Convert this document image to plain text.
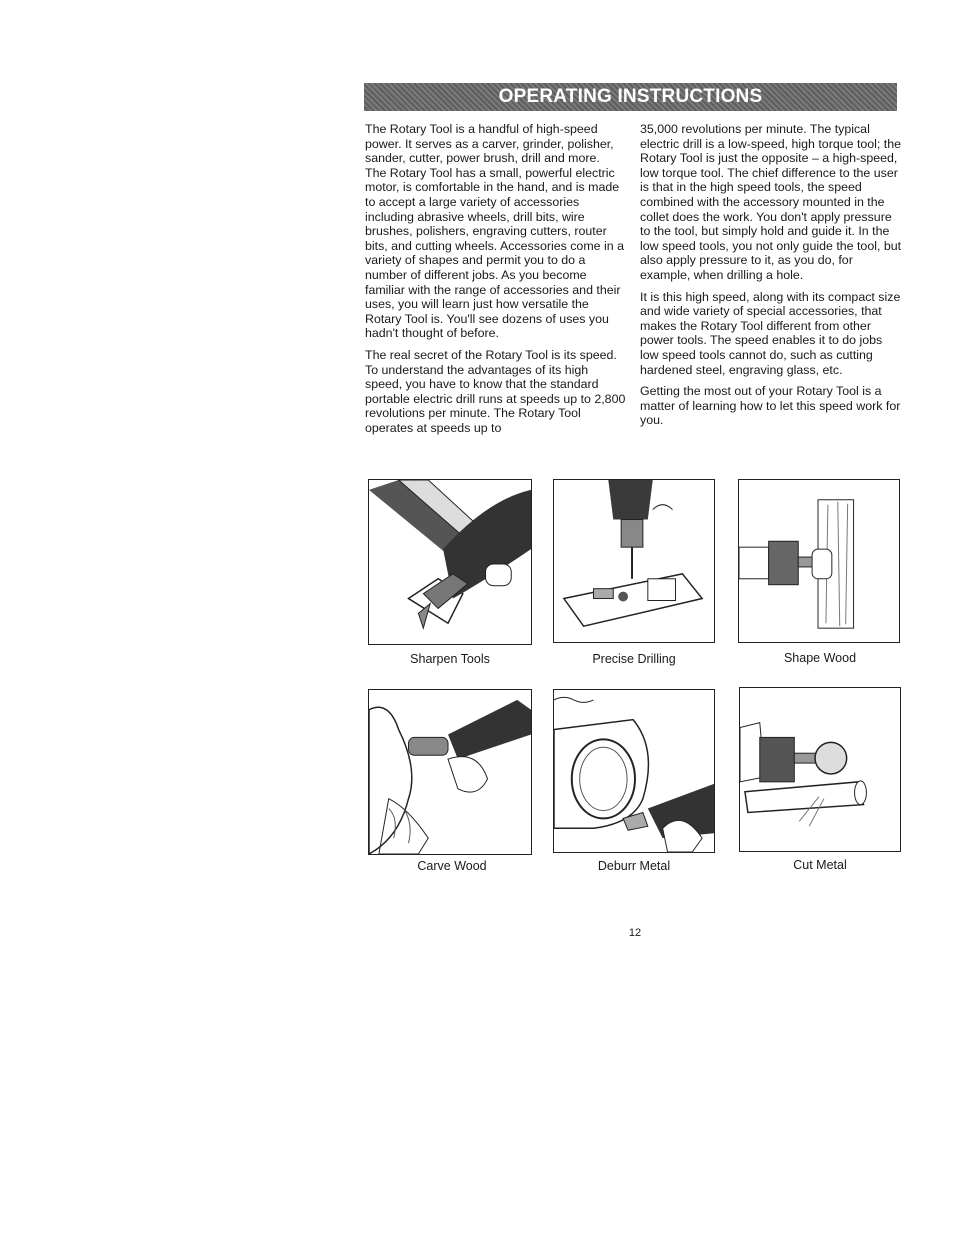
OPERATING INSTRUCTIONS

The Rotary Tool is a handful of high-speed power. It serves as a carver, grinder, polisher, sander, cutter, power brush, drill and more.

The Rotary Tool has a small, powerful electric motor, is comfortable in the hand, and is made to accept a large variety of accessories including abrasive wheels, drill bits, wire brushes, polishers, engraving cutters, router bits, and cutting wheels. Accessories come in a variety of shapes and permit you to do a number of different jobs. As you become familiar with the range of accessories and their uses, you will learn just how versatile the Rotary Tool is. You'll see dozens of uses you hadn't thought of before.

The real secret of the Rotary Tool is its speed. To understand the advantages of its high speed, you have to know that the standard portable electric drill runs at speeds up to 2,800 revolutions per minute. The Rotary Tool operates at speeds up to

35,000 revolutions per minute. The typical electric drill is a low-speed, high torque tool; the Rotary Tool is just the opposite – a high-speed, low torque tool. The chief difference to the user is that in the high speed tools, the speed combined with the accessory mounted in the collet does the work. You don't apply pressure to the tool, but simply hold and guide it. In the low speed tools, you not only guide the tool, but also apply pressure to it, as you do, for example, when drilling a hole.

It is this high speed, along with its compact size and wide variety of special accessories, that makes the Rotary Tool different from other power tools. The speed enables it to do jobs low speed tools cannot do, such as cutting hardened steel, engraving glass, etc.

Getting the most out of your Rotary Tool is a matter of learning how to let this speed work for you.

Sharpen Tools	Precise Drilling	Shape Wood
Carve Wood	Deburr Metal	Cut Metal
12
